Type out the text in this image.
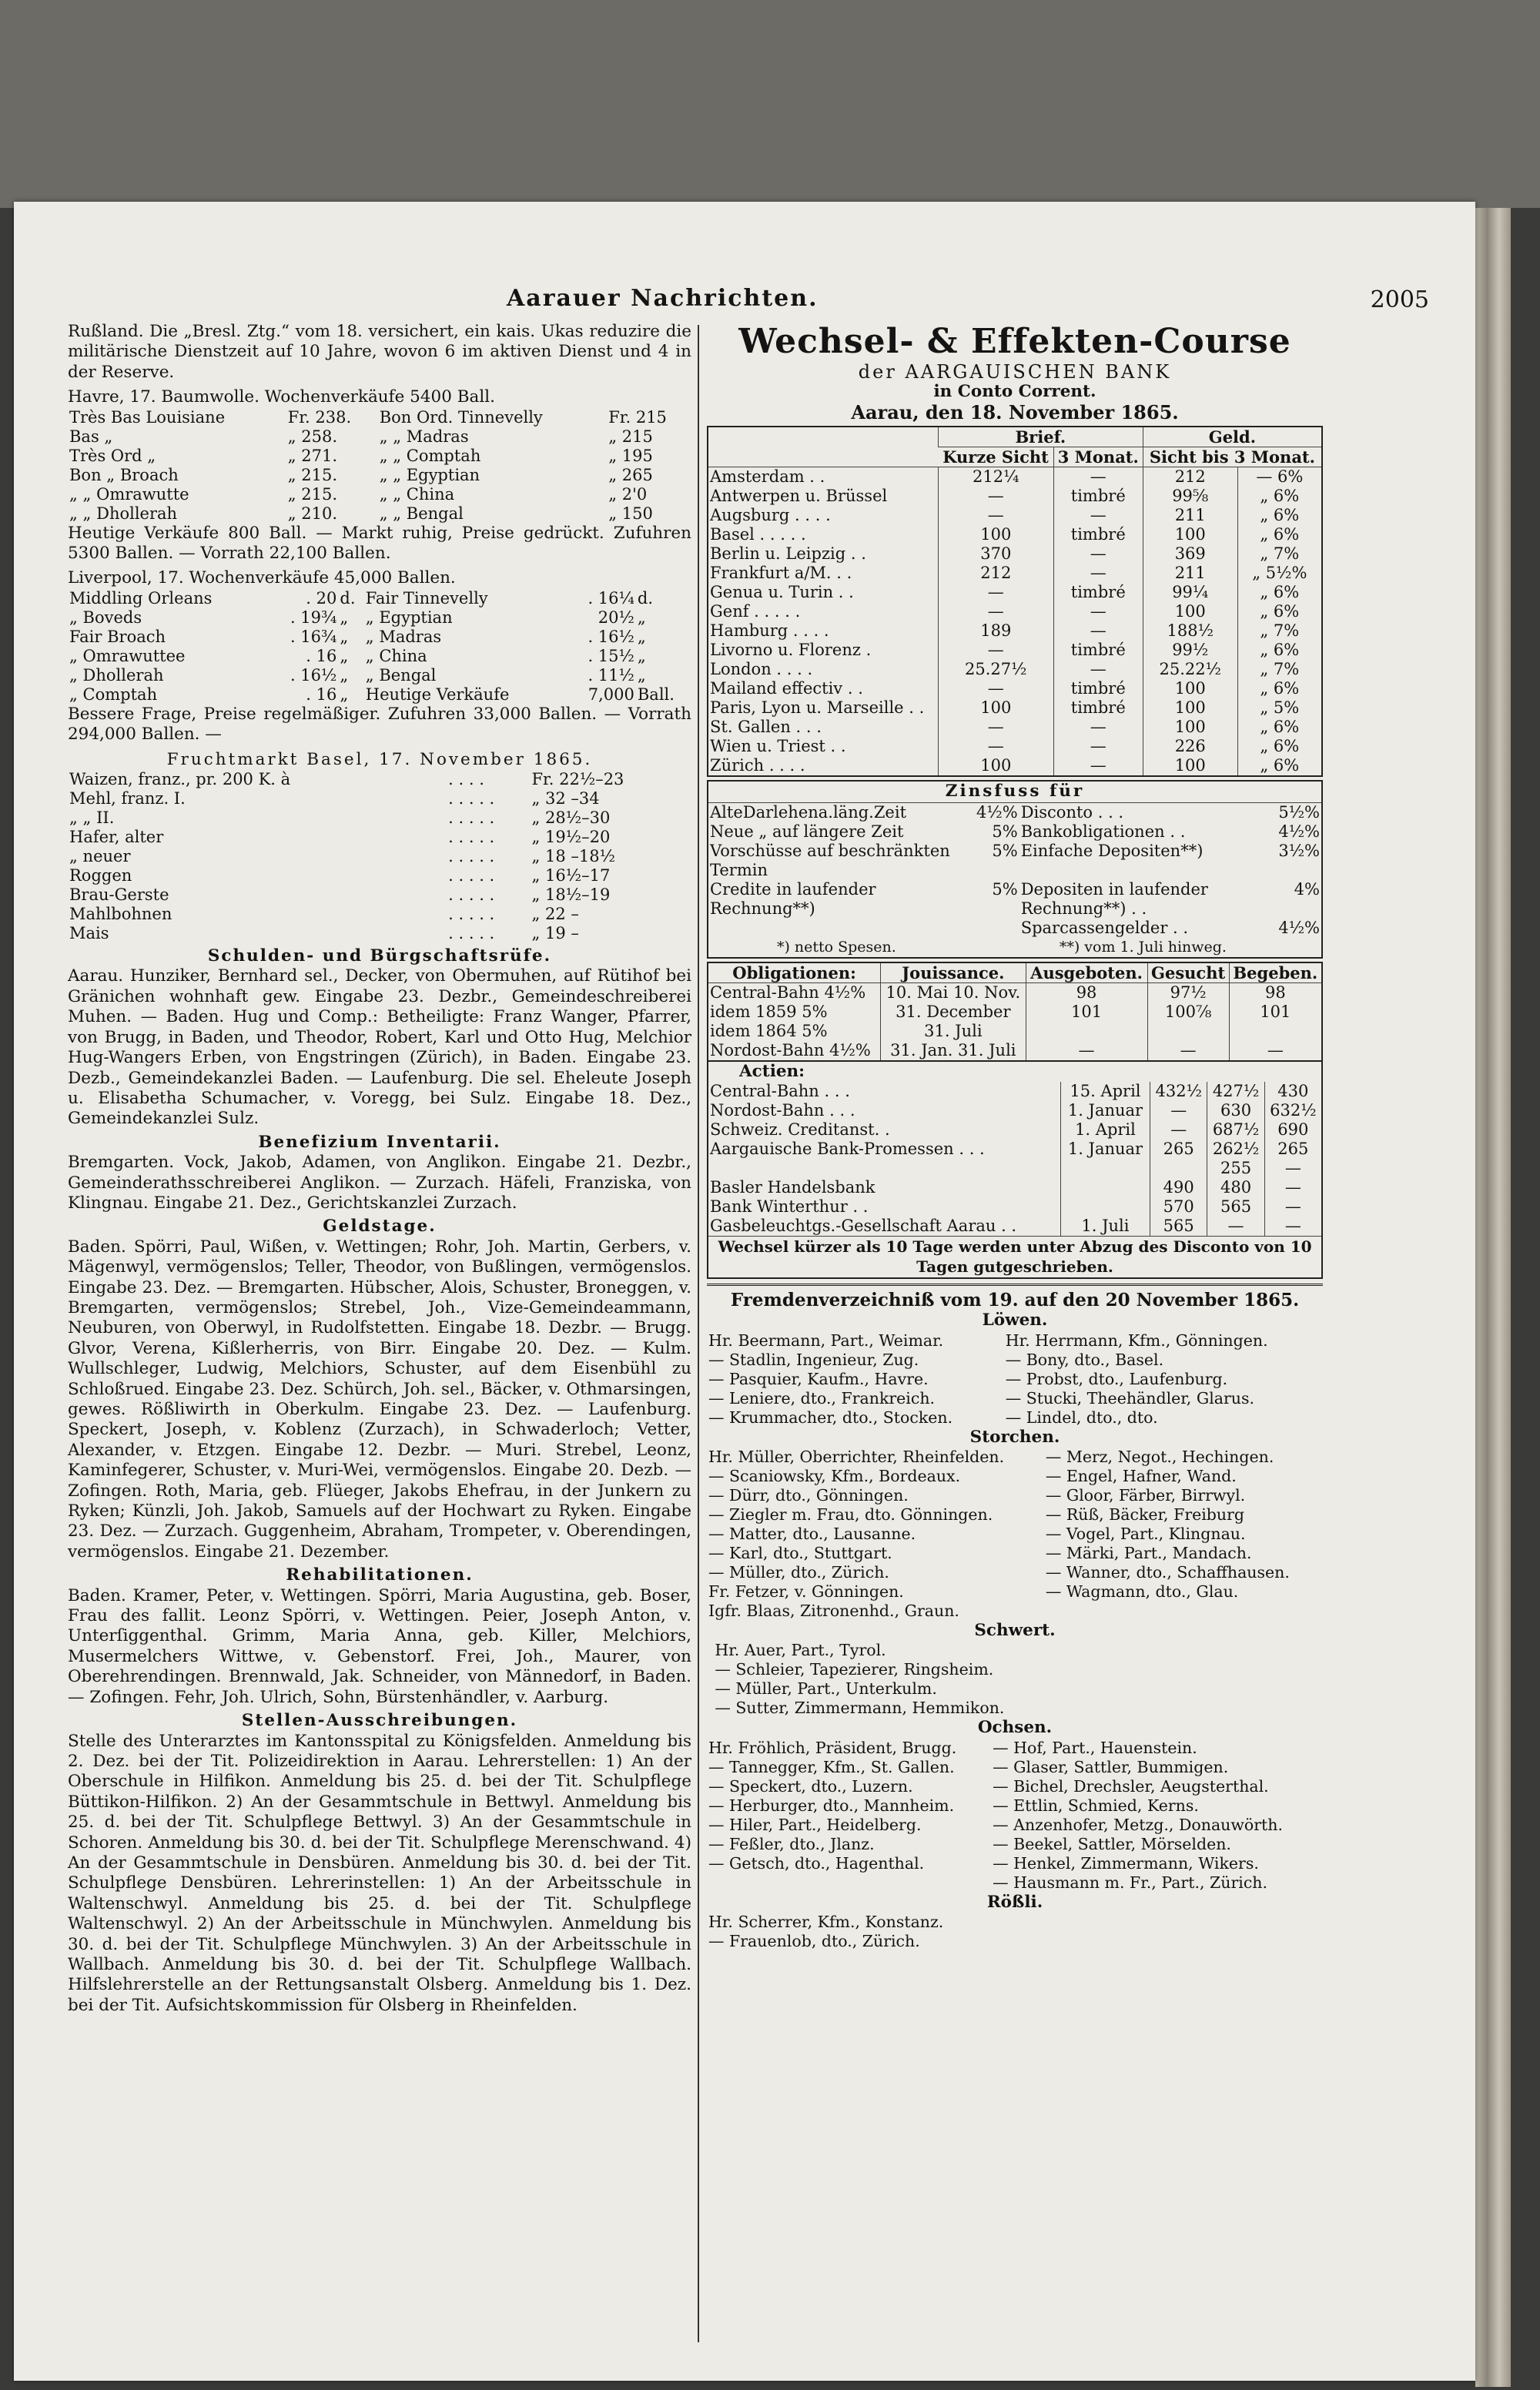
Aarauer Nachrichten.	2005

Rußland. Die „Bresl. Ztg.“ vom 18. versichert, ein kais. Ukas reduzire die militärische Dienstzeit auf 10 Jahre, wovon 6 im aktiven Dienst und 4 in der Reserve.

Havre, 17. Baumwolle. Wochenverkäufe 5400 Ball.

Très Bas Louisiane	Fr. 238.	Bon Ord. Tinnevelly	Fr. 215
Bas „	„ 258.	„ „ Madras	„ 215
Très Ord „	„ 271.	„ „ Comptah	„ 195
Bon „ Broach	„ 215.	„ „ Egyptian	„ 265
„ „ Omrawutte	„ 215.	„ „ China	„ 2'0
„ „ Dhollerah	„ 210.	„ „ Bengal	„ 150

Heutige Verkäufe 800 Ball. — Markt ruhig, Preise gedrückt. Zufuhren 5300 Ballen. — Vorrath 22,100 Ballen.

Liverpool, 17. Wochenverkäufe 45,000 Ballen.

Middling Orleans	. 20	d.	Fair Tinnevelly	. 16¼	d.
„ Boveds	. 19¾	„	„ Egyptian	20½	„
Fair Broach	. 16¾	„	„ Madras	. 16½	„
„ Omrawuttee	. 16	„	„ China	. 15½	„
„ Dhollerah	. 16½	„	„ Bengal	. 11½	„
„ Comptah	. 16	„	Heutige Verkäufe	7,000	Ball.

Bessere Frage, Preise regelmäßiger. Zufuhren 33,000 Ballen. — Vorrath 294,000 Ballen. —

Fruchtmarkt Basel, 17. November 1865.

Waizen, franz., pr. 200 K. à	. . . .	Fr. 22½–23
Mehl, franz. I.	. . . . .	„ 32 –34
„ „ II.	. . . . .	„ 28½–30
Hafer, alter	. . . . .	„ 19½–20
„ neuer	. . . . .	„ 18 –18½
Roggen	. . . . .	„ 16½–17
Brau-Gerste	. . . . .	„ 18½–19
Mahlbohnen	. . . . .	„ 22 –
Mais	. . . . .	„ 19 –

Schulden- und Bürgschaftsrüfe.

Aarau. Hunziker, Bernhard sel., Decker, von Obermuhen, auf Rütihof bei Gränichen wohnhaft gew. Eingabe 23. Dezbr., Gemeindeschreiberei Muhen. — Baden. Hug und Comp.: Betheiligte: Franz Wanger, Pfarrer, von Brugg, in Baden, und Theodor, Robert, Karl und Otto Hug, Melchior Hug-Wangers Erben, von Engstringen (Zürich), in Baden. Eingabe 23. Dezb., Gemeindekanzlei Baden. — Laufenburg. Die sel. Eheleute Joseph u. Elisabetha Schumacher, v. Voregg, bei Sulz. Eingabe 18. Dez., Gemeindekanzlei Sulz.

Benefizium Inventarii.

Bremgarten. Vock, Jakob, Adamen, von Anglikon. Eingabe 21. Dezbr., Gemeinderathsschreiberei Anglikon. — Zurzach. Häfeli, Franziska, von Klingnau. Eingabe 21. Dez., Gerichtskanzlei Zurzach.

Geldstage.

Baden. Spörri, Paul, Wißen, v. Wettingen; Rohr, Joh. Martin, Gerbers, v. Mägenwyl, vermögenslos; Teller, Theodor, von Bußlingen, vermögenslos. Eingabe 23. Dez. — Bremgarten. Hübscher, Alois, Schuster, Broneggen, v. Bremgarten, vermögenslos; Strebel, Joh., Vize-Gemeindeammann, Neuburen, von Oberwyl, in Rudolfstetten. Eingabe 18. Dezbr. — Brugg. Glvor, Verena, Kißlerherris, von Birr. Eingabe 20. Dez. — Kulm. Wullschleger, Ludwig, Melchiors, Schuster, auf dem Eisenbühl zu Schloßrued. Eingabe 23. Dez. Schürch, Joh. sel., Bäcker, v. Othmarsingen, gewes. Rößliwirth in Oberkulm. Eingabe 23. Dez. — Laufenburg. Speckert, Joseph, v. Koblenz (Zurzach), in Schwaderloch; Vetter, Alexander, v. Etzgen. Eingabe 12. Dezbr. — Muri. Strebel, Leonz, Kaminfegerer, Schuster, v. Muri-Wei, vermögenslos. Eingabe 20. Dezb. — Zofingen. Roth, Maria, geb. Flüeger, Jakobs Ehefrau, in der Junkern zu Ryken; Künzli, Joh. Jakob, Samuels auf der Hochwart zu Ryken. Eingabe 23. Dez. — Zurzach. Guggenheim, Abraham, Trompeter, v. Oberendingen, vermögenslos. Eingabe 21. Dezember.

Rehabilitationen.

Baden. Kramer, Peter, v. Wettingen. Spörri, Maria Augustina, geb. Boser, Frau des fallit. Leonz Spörri, v. Wettingen. Peier, Joseph Anton, v. Unterſiggenthal. Grimm, Maria Anna, geb. Killer, Melchiors, Musermelchers Wittwe, v. Gebenstorf. Frei, Joh., Maurer, von Oberehrendingen. Brennwald, Jak. Schneider, von Männedorf, in Baden. — Zofingen. Fehr, Joh. Ulrich, Sohn, Bürstenhändler, v. Aarburg.

Stellen-Ausschreibungen.

Stelle des Unterarztes im Kantonsspital zu Königsfelden. Anmeldung bis 2. Dez. bei der Tit. Polizeidirektion in Aarau. Lehrerstellen: 1) An der Oberschule in Hilfikon. Anmeldung bis 25. d. bei der Tit. Schulpflege Büttikon-Hilfikon. 2) An der Gesammtschule in Bettwyl. Anmeldung bis 25. d. bei der Tit. Schulpflege Bettwyl. 3) An der Gesammtschule in Schoren. Anmeldung bis 30. d. bei der Tit. Schulpflege Merenschwand. 4) An der Gesammtschule in Densbüren. Anmeldung bis 30. d. bei der Tit. Schulpflege Densbüren. Lehrerinstellen: 1) An der Arbeitsschule in Waltenschwyl. Anmeldung bis 25. d. bei der Tit. Schulpflege Waltenschwyl. 2) An der Arbeitsschule in Münchwylen. Anmeldung bis 30. d. bei der Tit. Schulpflege Münchwylen. 3) An der Arbeitsschule in Wallbach. Anmeldung bis 30. d. bei der Tit. Schulpflege Wallbach. Hilfslehrerstelle an der Rettungsanstalt Olsberg. Anmeldung bis 1. Dez. bei der Tit. Aufsichtskommission für Olsberg in Rheinfelden.

Wechsel- & Effekten-Course
der AARGAUISCHEN BANK
in Conto Corrent.
Aarau, den 18. November 1865.
	Brief.		Geld.	
	Kurze Sicht	3 Monat.	Sicht bis 3 Monat.	
Amsterdam . .	212¼	—	212	— 6%
Antwerpen u. Brüssel	—	timbré	99⅝	„ 6%
Augsburg . . . .	—	—	211	„ 6%
Basel . . . . .	100	timbré	100	„ 6%
Berlin u. Leipzig . .	370	—	369	„ 7%
Frankfurt a/M. . .	212	—	211	„ 5½%
Genua u. Turin . .	—	timbré	99¼	„ 6%
Genf . . . . .	—	—	100	„ 6%
Hamburg . . . .	189	—	188½	„ 7%
Livorno u. Florenz .	—	timbré	99½	„ 6%
London . . . .	25.27½	—	25.22½	„ 7%
Mailand effectiv . .	—	timbré	100	„ 6%
Paris, Lyon u. Marseille . .	100	timbré	100	„ 5%
St. Gallen . . .	—	—	100	„ 6%
Wien u. Triest . .	—	—	226	„ 6%
Zürich . . . .	100	—	100	„ 6%
Zinsfuss für
AlteDarlehena.läng.Zeit	4½%	Disconto . . .	5½%
Neue „ auf längere Zeit	5%	Bankobligationen . .	4½%
Vorschüsse auf beschränkten Termin	5%	Einfache Depositen**)	3½%
Credite in laufender Rechnung**)	5%	Depositen in laufender Rechnung**) . .	4%
		Sparcassengelder . .	4½%
*) netto Spesen.	**) vom 1. Juli hinweg.
Obligationen:	Jouissance.	Ausgeboten.	Gesucht	Begeben.
Central-Bahn 4½%	10. Mai 10. Nov.	98	97½	98
idem 1859 5%	31. December	101	100⅞	101
idem 1864 5%	31. Juli			
Nordost-Bahn 4½%	31. Jan. 31. Juli	—	—	—
Actien:
Central-Bahn . . .	15. April	432½	427½	430
Nordost-Bahn . . .	1. Januar	—	630	632½
Schweiz. Creditanst. .	1. April	—	687½	690
Aargauische Bank-Promessen . . .	1. Januar	265	262½	265
			255	—
Basler Handelsbank		490	480	—
Bank Winterthur . .		570	565	—
Gasbeleuchtgs.-Gesellschaft Aarau . .	1. Juli	565	—	—
Wechsel kürzer als 10 Tage werden unter Abzug des Disconto von 10 Tagen gutgeschrieben.
Fremdenverzeichniß vom 19. auf den 20 November 1865.
Löwen.
Hr. Beermann, Part., Weimar.	Hr. Herrmann, Kfm., Gönningen.
— Stadlin, Ingenieur, Zug.	— Bony, dto., Basel.
— Pasquier, Kaufm., Havre.	— Probst, dto., Laufenburg.
— Leniere, dto., Frankreich.	— Stucki, Theehändler, Glarus.
— Krummacher, dto., Stocken.	— Lindel, dto., dto.
Storchen.
Hr. Müller, Oberrichter, Rheinfelden.	— Merz, Negot., Hechingen.
— Scaniowsky, Kfm., Bordeaux.	— Engel, Hafner, Wand.
— Dürr, dto., Gönningen.	— Gloor, Färber, Birrwyl.
— Ziegler m. Frau, dto. Gönningen.	— Rüß, Bäcker, Freiburg
— Matter, dto., Lausanne.	— Vogel, Part., Klingnau.
— Karl, dto., Stuttgart.	— Märki, Part., Mandach.
— Müller, dto., Zürich.	— Wanner, dto., Schaffhausen.
Fr. Fetzer, v. Gönningen.	— Wagmann, dto., Glau.
Igfr. Blaas, Zitronenhd., Graun.	
Schwert.
	Hr. Auer, Part., Tyrol.
	— Schleier, Tapezierer, Ringsheim.
	— Müller, Part., Unterkulm.
	— Sutter, Zimmermann, Hemmikon.
Ochsen.
Hr. Fröhlich, Präsident, Brugg.	— Hof, Part., Hauenstein.
— Tannegger, Kfm., St. Gallen.	— Glaser, Sattler, Bummigen.
— Speckert, dto., Luzern.	— Bichel, Drechsler, Aeugsterthal.
— Herburger, dto., Mannheim.	— Ettlin, Schmied, Kerns.
— Hiler, Part., Heidelberg.	— Anzenhofer, Metzg., Donauwörth.
— Feßler, dto., Jlanz.	— Beekel, Sattler, Mörselden.
— Getsch, dto., Hagenthal.	— Henkel, Zimmermann, Wikers.
	— Hausmann m. Fr., Part., Zürich.
Rößli.
Hr. Scherrer, Kfm., Konstanz.	
— Frauenlob, dto., Zürich.	
